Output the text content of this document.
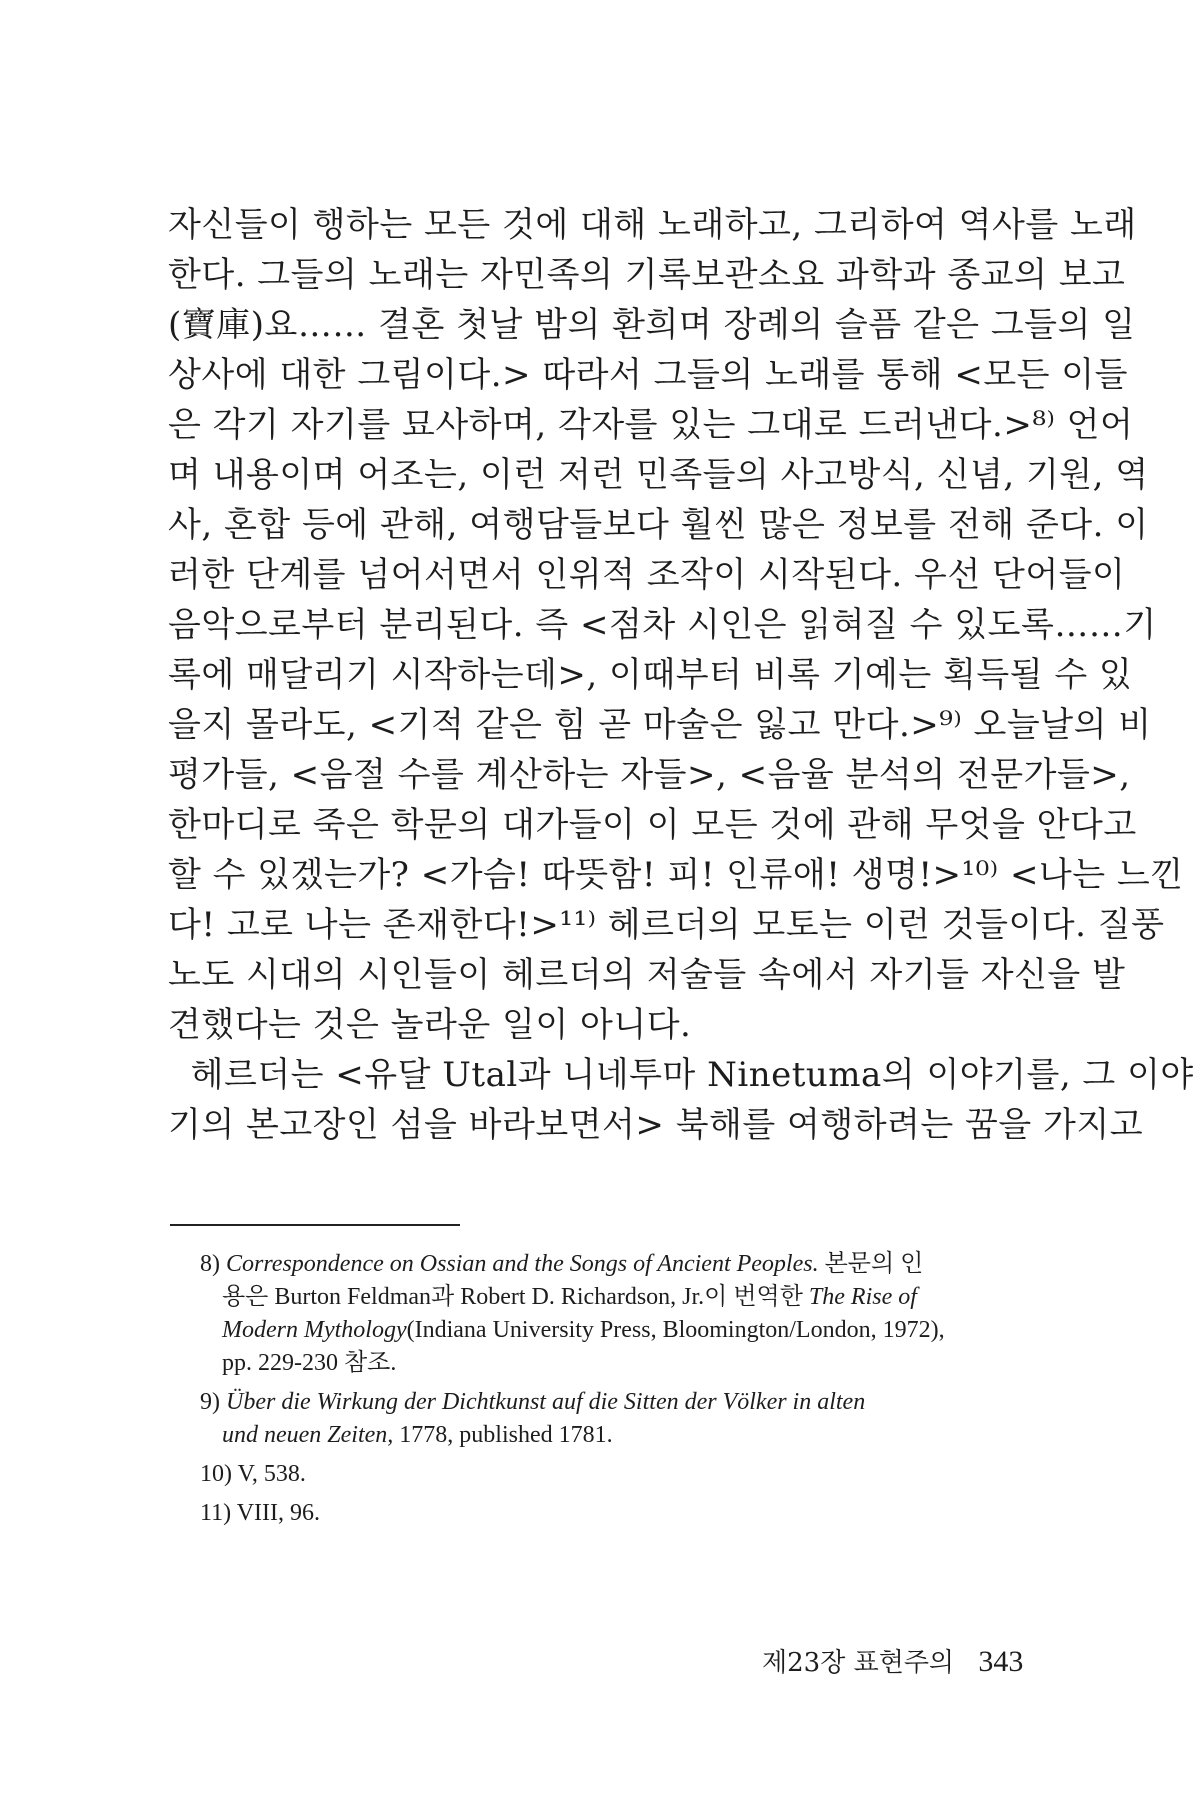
자신들이 행하는 모든 것에 대해 노래하고, 그리하여 역사를 노래
한다. 그들의 노래는 자민족의 기록보관소요 과학과 종교의 보고
(寶庫)요…… 결혼 첫날 밤의 환희며 장례의 슬픔 같은 그들의 일
상사에 대한 그림이다.> 따라서 그들의 노래를 통해 <모든 이들
은 각기 자기를 묘사하며, 각자를 있는 그대로 드러낸다.>⁸⁾ 언어
며 내용이며 어조는, 이런 저런 민족들의 사고방식, 신념, 기원, 역
사, 혼합 등에 관해, 여행담들보다 훨씬 많은 정보를 전해 준다. 이
러한 단계를 넘어서면서 인위적 조작이 시작된다. 우선 단어들이
음악으로부터 분리된다. 즉 <점차 시인은 읽혀질 수 있도록……기
록에 매달리기 시작하는데>, 이때부터 비록 기예는 획득될 수 있
을지 몰라도, <기적 같은 힘 곧 마술은 잃고 만다.>⁹⁾ 오늘날의 비
평가들, <음절 수를 계산하는 자들>, <음율 분석의 전문가들>,
한마디로 죽은 학문의 대가들이 이 모든 것에 관해 무엇을 안다고
할 수 있겠는가? <가슴! 따뜻함! 피! 인류애! 생명!>¹⁰⁾ <나는 느낀
다! 고로 나는 존재한다!>¹¹⁾ 헤르더의 모토는 이런 것들이다. 질풍
노도 시대의 시인들이 헤르더의 저술들 속에서 자기들 자신을 발
견했다는 것은 놀라운 일이 아니다.
헤르더는 <유달 Utal과 니네투마 Ninetuma의 이야기를, 그 이야
기의 본고장인 섬을 바라보면서> 북해를 여행하려는 꿈을 가지고
8) Correspondence on Ossian and the Songs of Ancient Peoples. 본문의 인
용은 Burton Feldman과 Robert D. Richardson, Jr.이 번역한 The Rise of
Modern Mythology(Indiana University Press, Bloomington/London, 1972),
pp. 229-230 참조.
9) Über die Wirkung der Dichtkunst auf die Sitten der Völker in alten
und neuen Zeiten, 1778, published 1781.
10) V, 538.
11) VIII, 96.
제23장 표현주의 343
